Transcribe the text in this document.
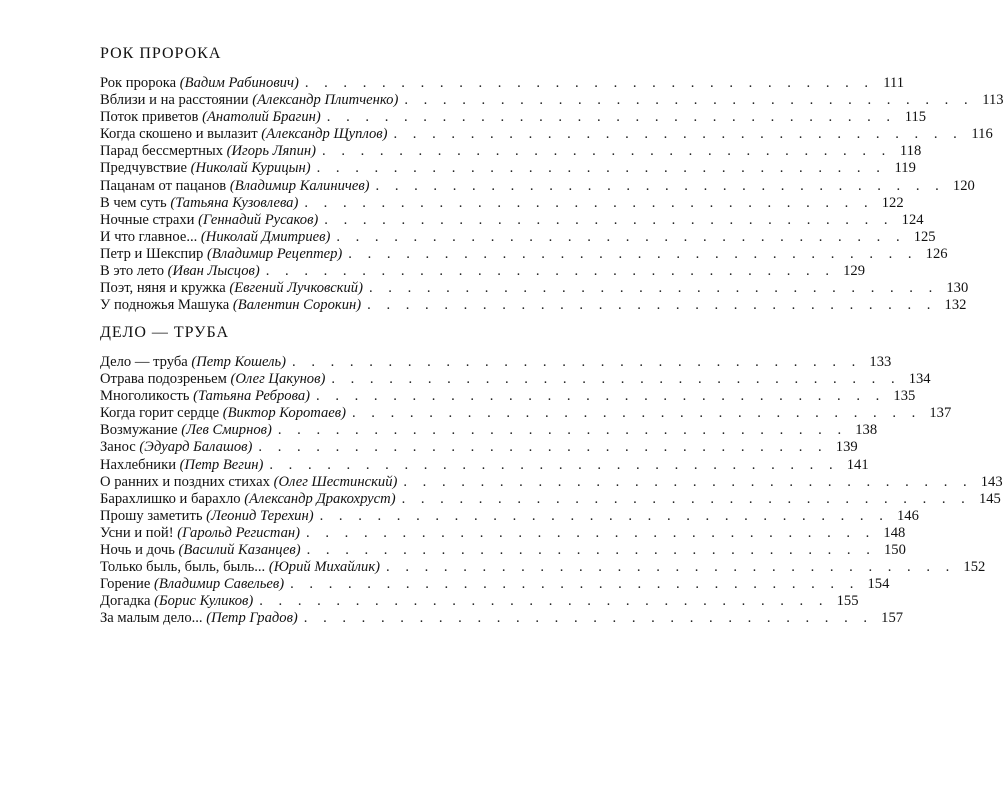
РОК ПРОРОКА
Рок пророка (Вадим Рабинович) . . . . . . . . . . . . . . . . . . . . . . . . . . . . . . 111
Вблизи и на расстоянии (Александр Плитченко) . . . . . . . . . . . . . . . . . . . . . . . . . . . . . . 113
Поток приветов (Анатолий Брагин) . . . . . . . . . . . . . . . . . . . . . . . . . . . . . . 115
Когда скошено и вылазит (Александр Щуплов) . . . . . . . . . . . . . . . . . . . . . . . . . . . . . . 116
Парад бессмертных (Игорь Ляпин) . . . . . . . . . . . . . . . . . . . . . . . . . . . . . . 118
Предчувствие (Николай Курицын) . . . . . . . . . . . . . . . . . . . . . . . . . . . . . . 119
Пацанам от пацанов (Владимир Калиничев) . . . . . . . . . . . . . . . . . . . . . . . . . . . . . . 120
В чем суть (Татьяна Кузовлева) . . . . . . . . . . . . . . . . . . . . . . . . . . . . . . 122
Ночные страхи (Геннадий Русаков) . . . . . . . . . . . . . . . . . . . . . . . . . . . . . . 124
И что главное... (Николай Дмитриев) . . . . . . . . . . . . . . . . . . . . . . . . . . . . . . 125
Петр и Шекспир (Владимир Рецептер) . . . . . . . . . . . . . . . . . . . . . . . . . . . . . . 126
В это лето (Иван Лысцов) . . . . . . . . . . . . . . . . . . . . . . . . . . . . . . 129
Поэт, няня и кружка (Евгений Лучковский) . . . . . . . . . . . . . . . . . . . . . . . . . . . . . . 130
У подножья Машука (Валентин Сорокин) . . . . . . . . . . . . . . . . . . . . . . . . . . . . . . 132
ДЕЛО — ТРУБА
Дело — труба (Петр Кошель) . . . . . . . . . . . . . . . . . . . . . . . . . . . . . . 133
Отрава подозреньем (Олег Цакунов) . . . . . . . . . . . . . . . . . . . . . . . . . . . . . . 134
Многоликость (Татьяна Реброва) . . . . . . . . . . . . . . . . . . . . . . . . . . . . . . 135
Когда горит сердце (Виктор Коротаев) . . . . . . . . . . . . . . . . . . . . . . . . . . . . . . 137
Возмужание (Лев Смирнов) . . . . . . . . . . . . . . . . . . . . . . . . . . . . . . 138
Занос (Эдуард Балашов) . . . . . . . . . . . . . . . . . . . . . . . . . . . . . . 139
Нахлебники (Петр Вегин) . . . . . . . . . . . . . . . . . . . . . . . . . . . . . . 141
О ранних и поздних стихах (Олег Шестинский) . . . . . . . . . . . . . . . . . . . . . . . . . . . . . . 143
Барахлишко и барахло (Александр Дракохруст) . . . . . . . . . . . . . . . . . . . . . . . . . . . . . . 145
Прошу заметить (Леонид Терехин) . . . . . . . . . . . . . . . . . . . . . . . . . . . . . . 146
Усни и пой! (Гарольд Регистан) . . . . . . . . . . . . . . . . . . . . . . . . . . . . . . 148
Ночь и дочь (Василий Казанцев) . . . . . . . . . . . . . . . . . . . . . . . . . . . . . . 150
Только быль, быль, быль... (Юрий Михайлик) . . . . . . . . . . . . . . . . . . . . . . . . . . . . . . 152
Горение (Владимир Савельев) . . . . . . . . . . . . . . . . . . . . . . . . . . . . . . 154
Догадка (Борис Куликов) . . . . . . . . . . . . . . . . . . . . . . . . . . . . . . 155
За малым дело... (Петр Градов) . . . . . . . . . . . . . . . . . . . . . . . . . . . . . . 157
